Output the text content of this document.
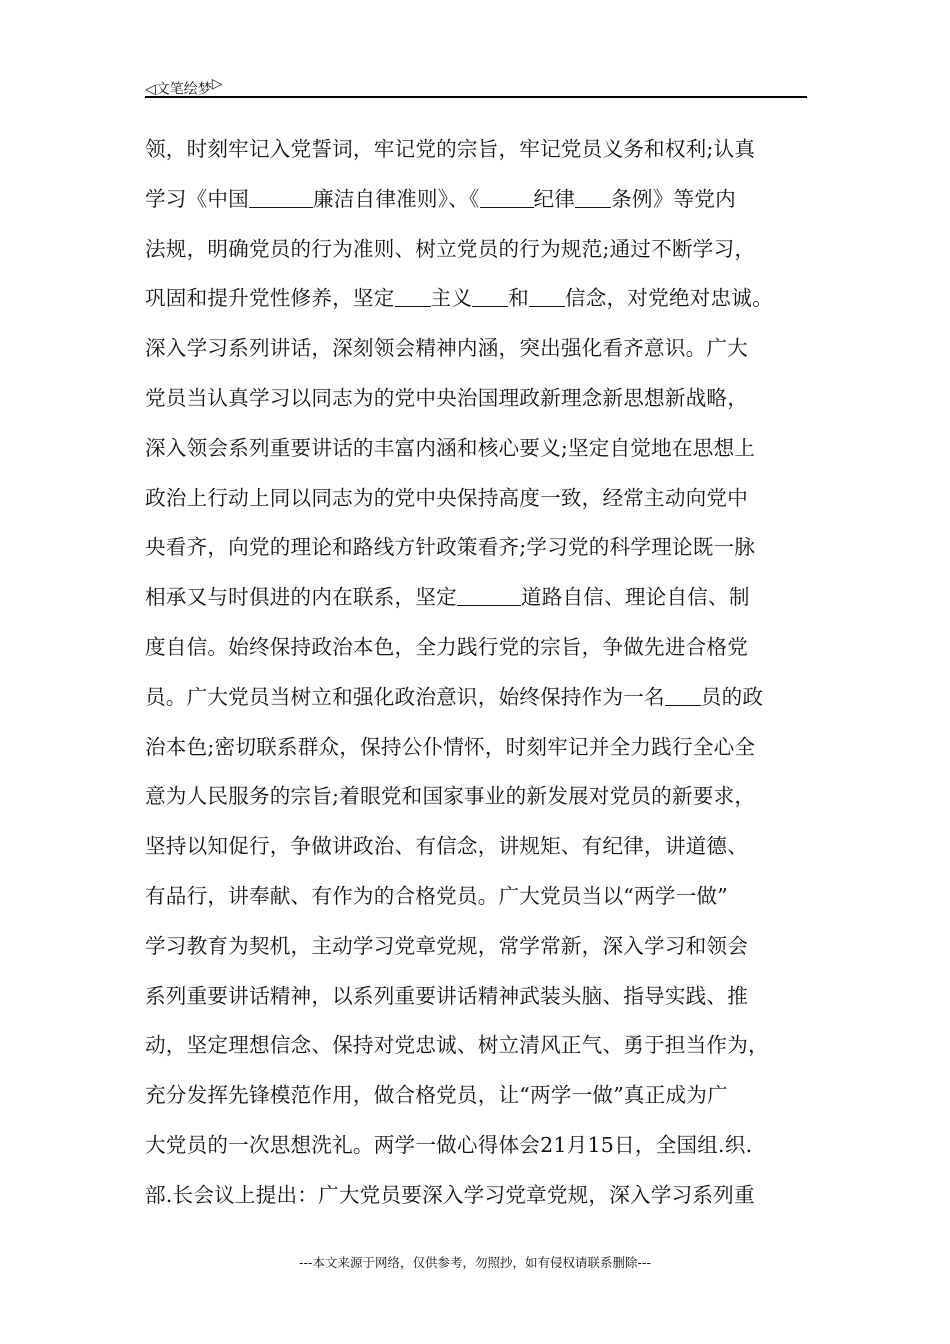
◁文笔绘梦▷
领，时刻牢记入党誓词，牢记党的宗旨，牢记党员义务和权利;认真
学习《中国	廉洁自律准则》、《	纪律 条例》等党内
法规，明确党员的行为准则、树立党员的行为规范;通过不断学习，
巩固和提升党性修养，坚定 主义 和 信念，对党绝对忠诚。
深入学习系列讲话，深刻领会精神内涵，突出强化看齐意识。广大
党员当认真学习以同志为的党中央治国理政新理念新思想新战略，
深入领会系列重要讲话的丰富内涵和核心要义;坚定自觉地在思想上
政治上行动上同以同志为的党中央保持高度一致，经常主动向党中
央看齐，向党的理论和路线方针政策看齐;学习党的科学理论既一脉
相承又与时俱进的内在联系，坚定	道路自信、理论自信、制
度自信。始终保持政治本色，全力践行党的宗旨，争做先进合格党
员。广大党员当树立和强化政治意识，始终保持作为一名 员的政
治本色;密切联系群众，保持公仆情怀，时刻牢记并全力践行全心全
意为人民服务的宗旨;着眼党和国家事业的新发展对党员的新要求，
坚持以知促行，争做讲政治、有信念，讲规矩、有纪律，讲道德、
有品行，讲奉献、有作为的合格党员。广大党员当以“两学一做”
学习教育为契机，主动学习党章党规，常学常新，深入学习和领会
系列重要讲话精神，以系列重要讲话精神武装头脑、指导实践、推
动，坚定理想信念、保持对党忠诚、树立清风正气、勇于担当作为，
充分发挥先锋模范作用，做合格党员，让“两学一做”真正成为广
大党员的一次思想洗礼。两学一做心得体会21月15日，全国组.织.
部.长会议上提出：广大党员要深入学习党章党规，深入学习系列重
---本文来源于网络，仅供参考，勿照抄，如有侵权请联系删除---
